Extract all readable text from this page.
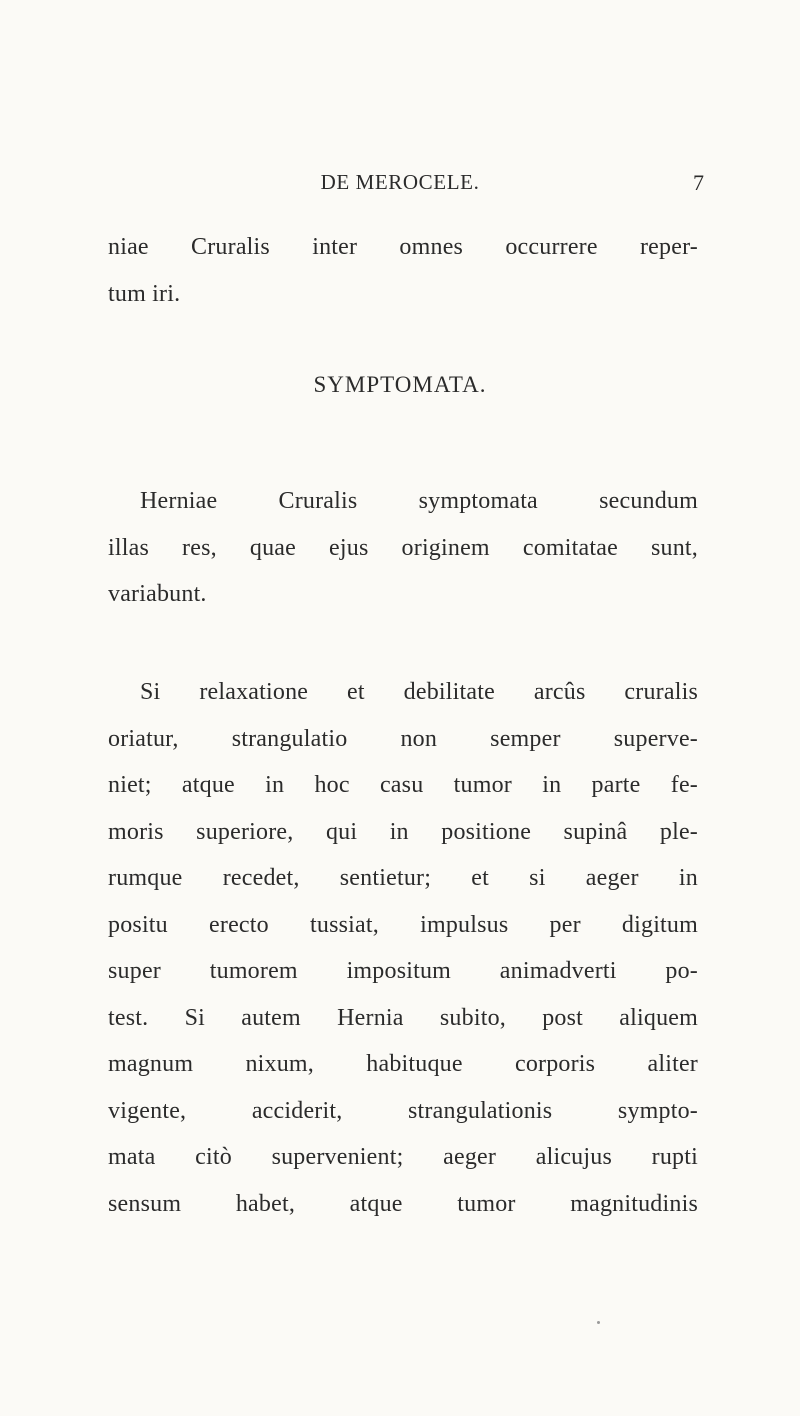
DE MEROCELE.	7
niae Cruralis inter omnes occurrere reper-
tum iri.
SYMPTOMATA.
Herniae Cruralis symptomata secundum
illas res, quae ejus originem comitatae sunt,
variabunt.
Si relaxatione et debilitate arcûs cruralis
oriatur, strangulatio non semper superve-
niet; atque in hoc casu tumor in parte fe-
moris superiore, qui in positione supinâ ple-
rumque recedet, sentietur; et si aeger in
positu erecto tussiat, impulsus per digitum
super tumorem impositum animadverti po-
test. Si autem Hernia subito, post aliquem
magnum nixum, habituque corporis aliter
vigente, acciderit, strangulationis sympto-
mata citò supervenient; aeger alicujus rupti
sensum habet, atque tumor magnitudinis
